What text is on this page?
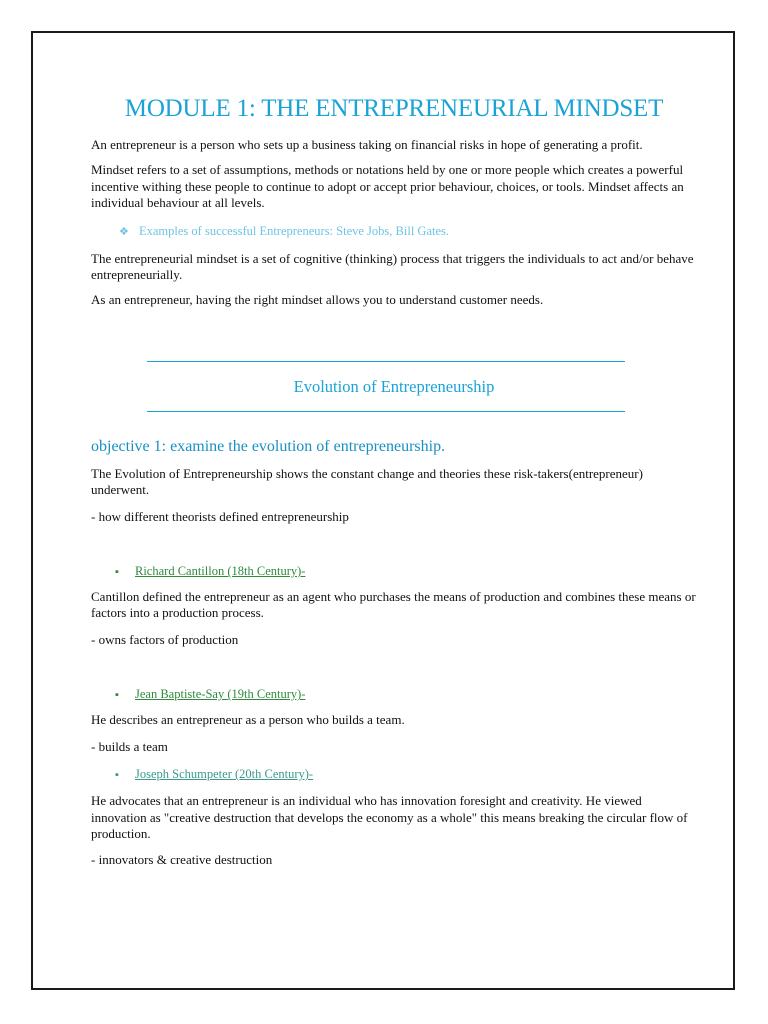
MODULE 1: THE ENTREPRENEURIAL MINDSET

An entrepreneur is a person who sets up a business taking on financial risks in hope of generating a profit.

Mindset refers to a set of assumptions, methods or notations held by one or more people which creates a powerful incentive withing these people to continue to adopt or accept prior behaviour, choices, or tools. Mindset affects an individual behaviour at all levels.

❖ Examples of successful Entrepreneurs: Steve Jobs, Bill Gates.

The entrepreneurial mindset is a set of cognitive (thinking) process that triggers the individuals to act and/or behave entrepreneurially.

As an entrepreneur, having the right mindset allows you to understand customer needs.

Evolution of Entrepreneurship
objective 1: examine the evolution of entrepreneurship.

The Evolution of Entrepreneurship shows the constant change and theories these risk-takers(entrepreneur) underwent.

- how different theorists defined entrepreneurship

▪	Richard Cantillon (18th Century)-

Cantillon defined the entrepreneur as an agent who purchases the means of production and combines these means or factors into a production process.

- owns factors of production

▪	Jean Baptiste-Say (19th Century)-

He describes an entrepreneur as a person who builds a team.

- builds a team

▪	Joseph Schumpeter (20th Century)-

He advocates that an entrepreneur is an individual who has innovation foresight and creativity. He viewed innovation as "creative destruction that develops the economy as a whole" this means breaking the circular flow of production.

- innovators & creative destruction
